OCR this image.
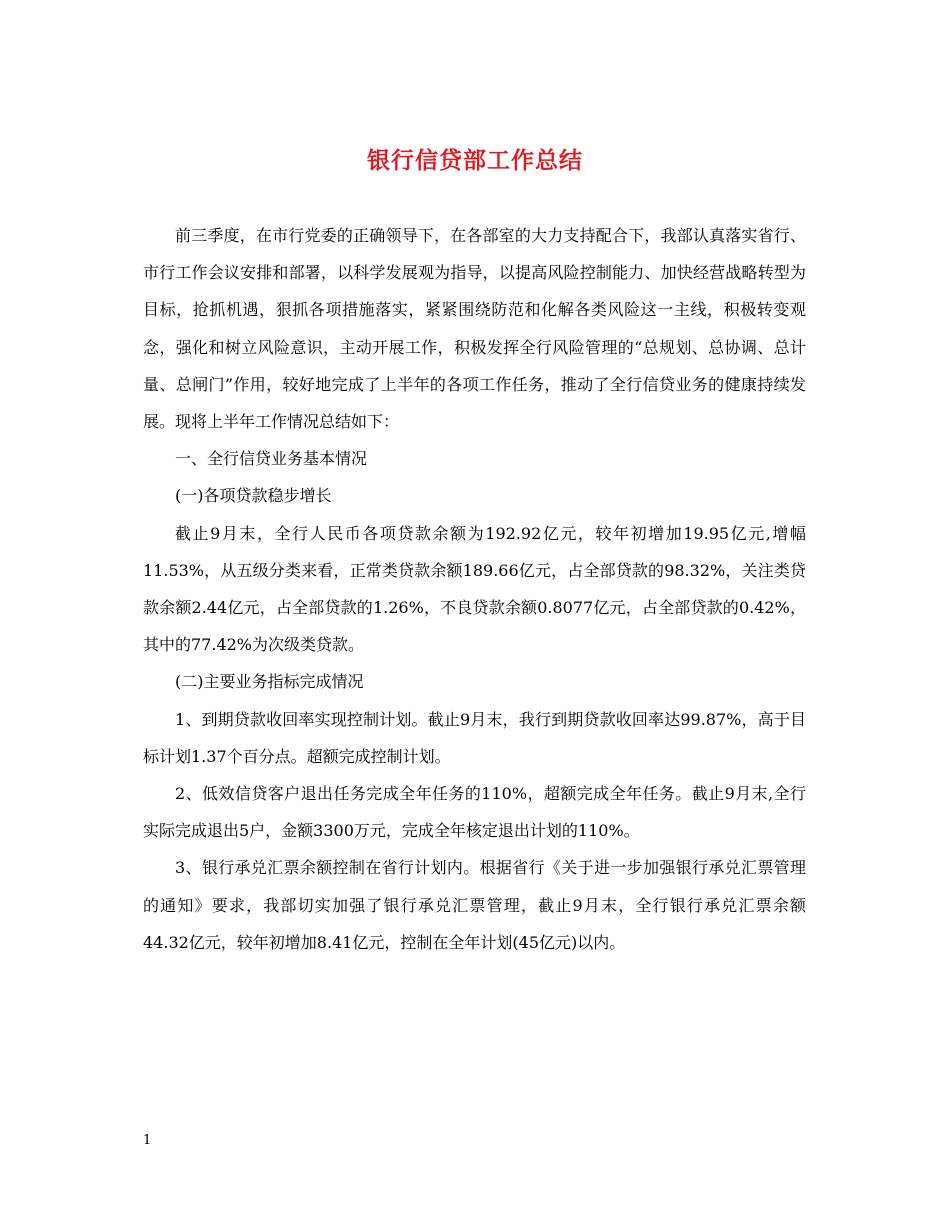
银行信贷部工作总结

前三季度，在市行党委的正确领导下，在各部室的大力支持配合下，我部认真落实省行、市行工作会议安排和部署，以科学发展观为指导，以提高风险控制能力、加快经营战略转型为目标，抢抓机遇，狠抓各项措施落实，紧紧围绕防范和化解各类风险这一主线，积极转变观念，强化和树立风险意识，主动开展工作，积极发挥全行风险管理的“总规划、总协调、总计量、总闸门”作用，较好地完成了上半年的各项工作任务，推动了全行信贷业务的健康持续发展。现将上半年工作情况总结如下：

一、全行信贷业务基本情况

(一)各项贷款稳步增长

截止9月末，全行人民币各项贷款余额为192.92亿元，较年初增加19.95亿元,增幅11.53%，从五级分类来看，正常类贷款余额189.66亿元，占全部贷款的98.32%，关注类贷款余额2.44亿元，占全部贷款的1.26%，不良贷款余额0.8077亿元，占全部贷款的0.42%，其中的77.42%为次级类贷款。

(二)主要业务指标完成情况

1、到期贷款收回率实现控制计划。截止9月末，我行到期贷款收回率达99.87%，高于目标计划1.37个百分点。超额完成控制计划。

2、低效信贷客户退出任务完成全年任务的110%，超额完成全年任务。截止9月末,全行实际完成退出5户，金额3300万元，完成全年核定退出计划的110%。

3、银行承兑汇票余额控制在省行计划内。根据省行《关于进一步加强银行承兑汇票管理的通知》要求，我部切实加强了银行承兑汇票管理，截止9月末，全行银行承兑汇票余额44.32亿元，较年初增加8.41亿元，控制在全年计划(45亿元)以内。

1
